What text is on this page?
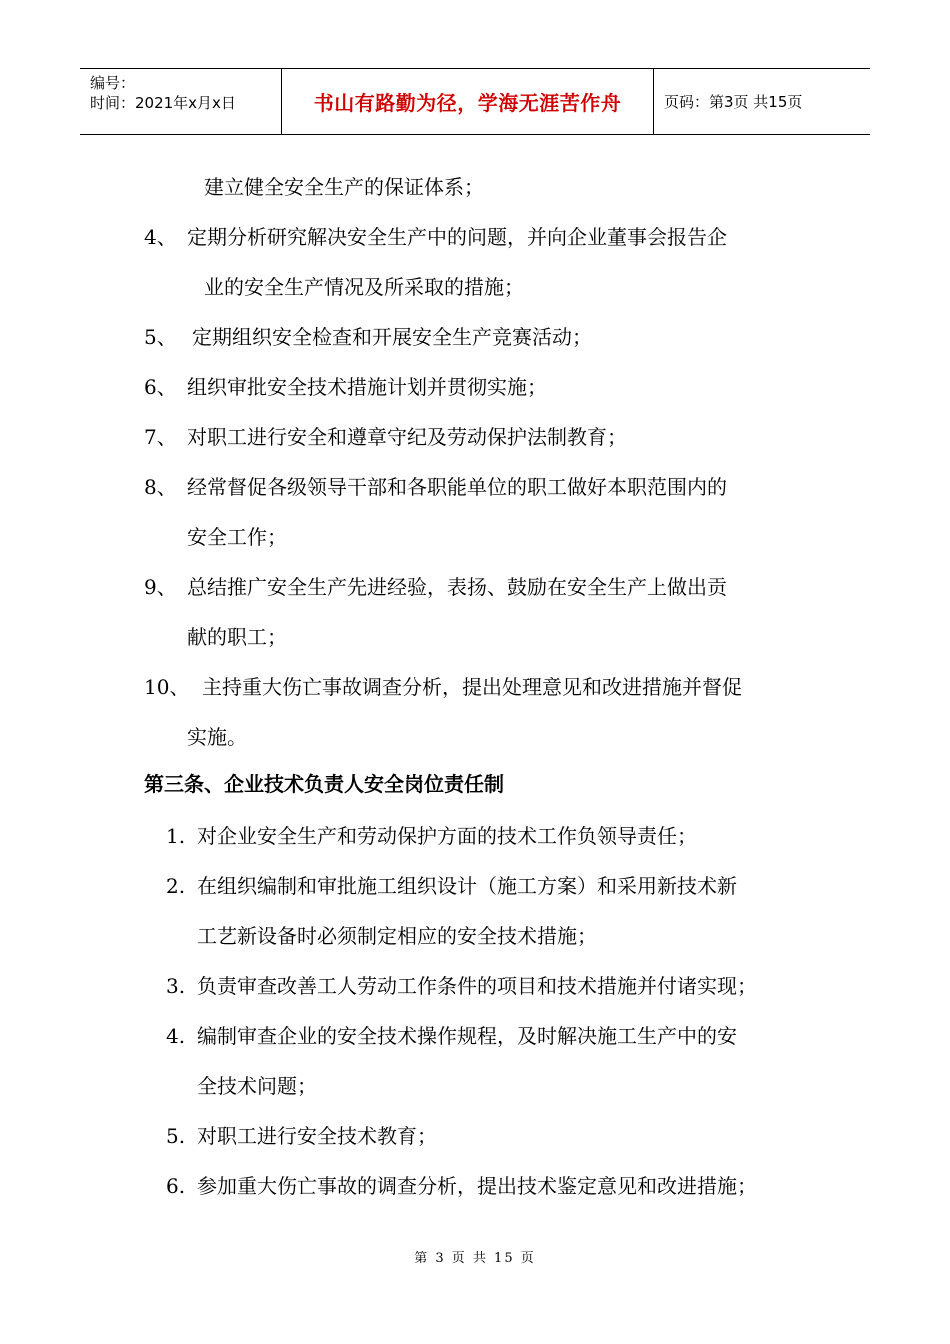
编号：
时间：2021年x月x日	书山有路勤为径，学海无涯苦作舟	页码：第3页 共15页
建立健全安全生产的保证体系；
4、 定期分析研究解决安全生产中的问题，并向企业董事会报告企
业的安全生产情况及所采取的措施；
5、 定期组织安全检查和开展安全生产竞赛活动；
6、 组织审批安全技术措施计划并贯彻实施；
7、 对职工进行安全和遵章守纪及劳动保护法制教育；
8、 经常督促各级领导干部和各职能单位的职工做好本职范围内的
安全工作；
9、 总结推广安全生产先进经验，表扬、鼓励在安全生产上做出贡
献的职工；
10、 主持重大伤亡事故调查分析，提出处理意见和改进措施并督促
实施。
第三条、企业技术负责人安全岗位责任制
1. 对企业安全生产和劳动保护方面的技术工作负领导责任；
2. 在组织编制和审批施工组织设计（施工方案）和采用新技术新
工艺新设备时必须制定相应的安全技术措施；
3. 负责审查改善工人劳动工作条件的项目和技术措施并付诸实现；
4. 编制审查企业的安全技术操作规程，及时解决施工生产中的安
全技术问题；
5. 对职工进行安全技术教育；
6. 参加重大伤亡事故的调查分析，提出技术鉴定意见和改进措施；
第 3 页 共 15 页
